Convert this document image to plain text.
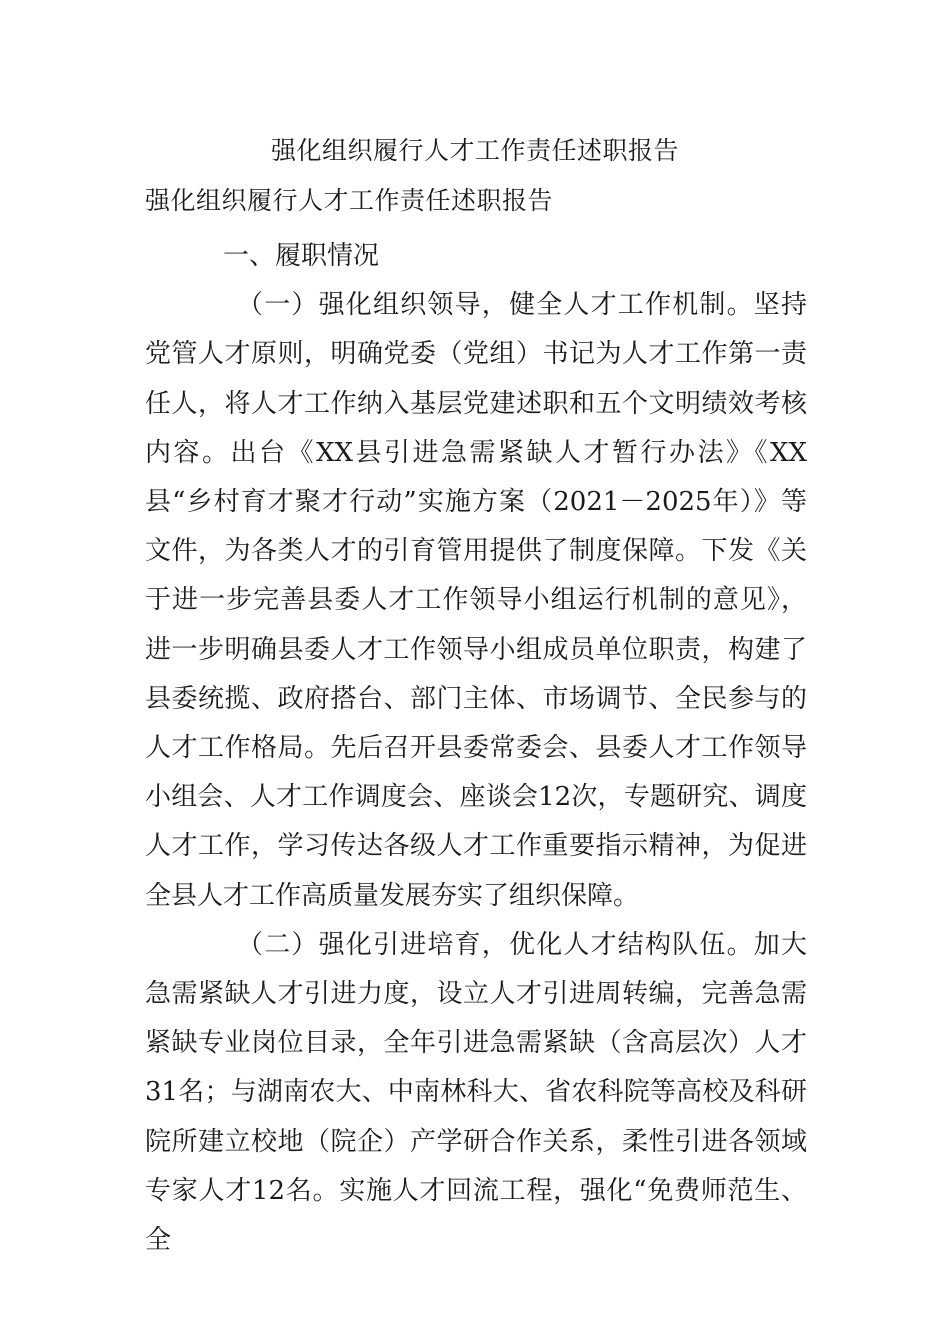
强化组织履行人才工作责任述职报告
强化组织履行人才工作责任述职报告

一、履职情况

（一）强化组织领导，健全人才工作机制。坚持党管人才原则，明确党委（党组）书记为人才工作第一责任人，将人才工作纳入基层党建述职和五个文明绩效考核内容。出台《XX县引进急需紧缺人才暂行办法》《XX县“乡村育才聚才行动”实施方案（2021－2025年）》等文件，为各类人才的引育管用提供了制度保障。下发《关于进一步完善县委人才工作领导小组运行机制的意见》，进一步明确县委人才工作领导小组成员单位职责，构建了县委统揽、政府搭台、部门主体、市场调节、全民参与的人才工作格局。先后召开县委常委会、县委人才工作领导小组会、人才工作调度会、座谈会12次，专题研究、调度人才工作，学习传达各级人才工作重要指示精神，为促进全县人才工作高质量发展夯实了组织保障。

（二）强化引进培育，优化人才结构队伍。加大急需紧缺人才引进力度，设立人才引进周转编，完善急需紧缺专业岗位目录，全年引进急需紧缺（含高层次）人才31名；与湖南农大、中南林科大、省农科院等高校及科研院所建立校地（院企）产学研合作关系，柔性引进各领域专家人才12名。实施人才回流工程，强化“免费师范生、全
